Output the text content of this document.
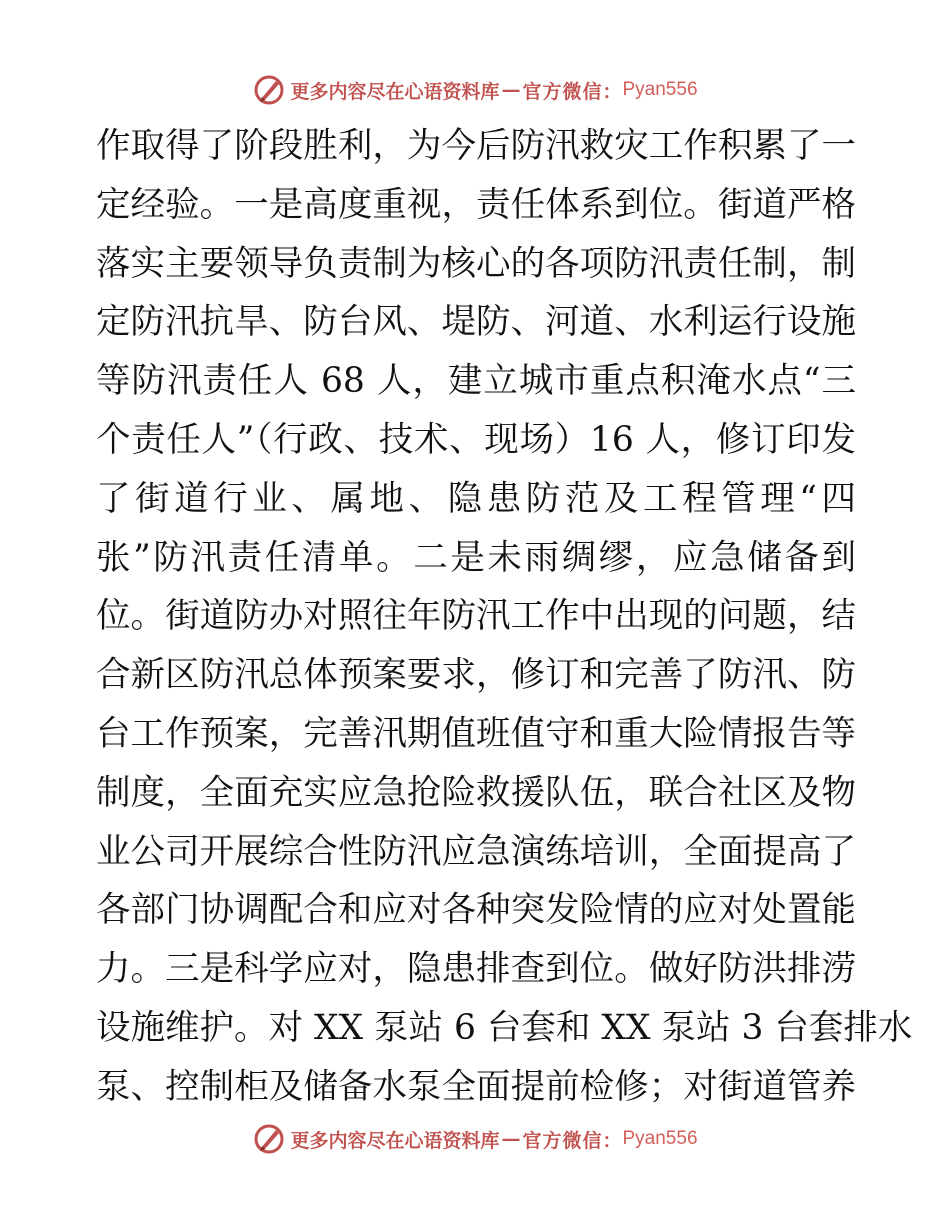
更多内容尽在心语资料库 — 官方微信： Pyan556
作取得了阶段胜利，为今后防汛救灾工作积累了一
定经验。一是高度重视，责任体系到位。街道严格
落实主要领导负责制为核心的各项防汛责任制，制
定防汛抗旱、防台风、堤防、河道、水利运行设施
等防汛责任人 68 人，建立城市重点积淹水点“三
个责任人”（行政、技术、现场）16 人，修订印发
了街道行业、属地、隐患防范及工程管理“四
张”防汛责任清单。二是未雨绸缪，应急储备到
位。街道防办对照往年防汛工作中出现的问题，结
合新区防汛总体预案要求，修订和完善了防汛、防
台工作预案，完善汛期值班值守和重大险情报告等
制度，全面充实应急抢险救援队伍，联合社区及物
业公司开展综合性防汛应急演练培训，全面提高了
各部门协调配合和应对各种突发险情的应对处置能
力。三是科学应对，隐患排查到位。做好防洪排涝
设施维护。对 XX 泵站 6 台套和 XX 泵站 3 台套排水
泵、控制柜及储备水泵全面提前检修；对街道管养
更多内容尽在心语资料库 — 官方微信： Pyan556
